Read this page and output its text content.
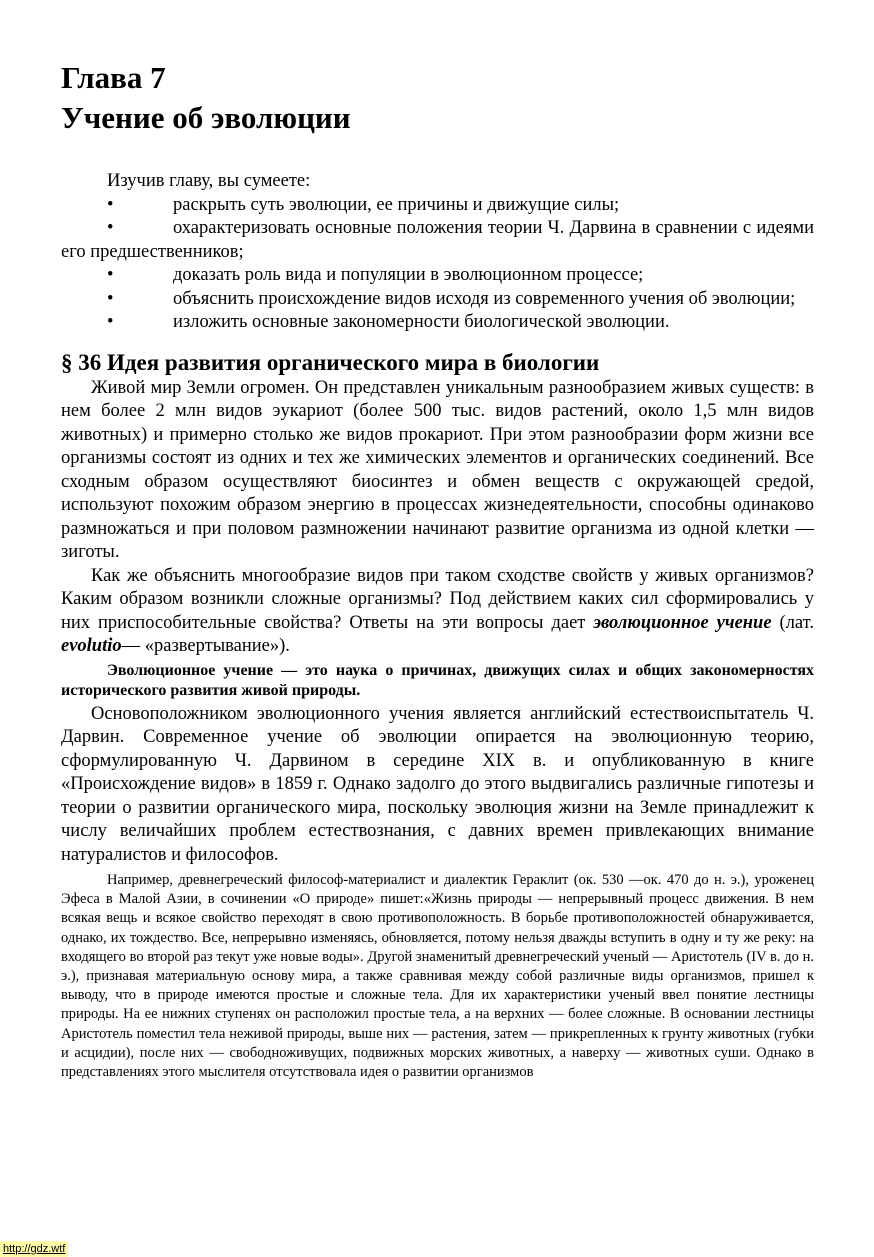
Глава 7
Учение об эволюции
Изучив главу, вы сумеете:
•	раскрыть суть эволюции, ее причины и движущие силы;
•	охарактеризовать основные положения теории Ч. Дарвина в сравнении с идеями его предшественников;
•	доказать роль вида и популяции в эволюционном процессе;
•	объяснить происхождение видов исходя из современного учения об эволюции;
•	изложить основные закономерности биологической эволюции.
§ 36 Идея развития органического мира в биологии

Живой мир Земли огромен. Он представлен уникальным разнообразием живых существ: в нем более 2 млн видов эукариот (более 500 тыс. видов растений, около 1,5 млн видов животных) и примерно столько же видов прокариот. При этом разнообразии форм жизни все организмы состоят из одних и тех же химических элементов и органических соединений. Все сходным образом осуществляют биосинтез и обмен веществ с окружающей средой, используют похожим образом энергию в процессах жизнедеятельности, способны одинаково размножаться и при половом размножении начинают развитие организма из одной клетки — зиготы.

Как же объяснить многообразие видов при таком сходстве свойств у живых организмов? Каким образом возникли сложные организмы? Под действием каких сил сформировались у них приспособительные свойства? Ответы на эти вопросы дает эволюционное учение (лат. evolutio— «развертывание»).

Эволюционное учение — это наука о причинах, движущих силах и общих закономерностях исторического развития живой природы.

Основоположником эволюционного учения является английский естествоиспытатель Ч. Дарвин. Современное учение об эволюции опирается на эволюционную теорию, сформулированную Ч. Дарвином в середине XIX в. и опубликованную в книге «Происхождение видов» в 1859 г. Однако задолго до этого выдвигались различные гипотезы и теории о развитии органического мира, поскольку эволюция жизни на Земле принадлежит к числу величайших проблем естествознания, с давних времен привлекающих внимание натуралистов и философов.

Например, древнегреческий философ-материалист и диалектик Гераклит (ок. 530 —ок. 470 до н. э.), уроженец Эфеса в Малой Азии, в сочинении «О природе» пишет:«Жизнь природы — непрерывный процесс движения. В нем всякая вещь и всякое свойство переходят в свою противоположность. В борьбе противоположностей обнаруживается, однако, их тождество. Все, непрерывно изменяясь, обновляется, потому нельзя дважды вступить в одну и ту же реку: на входящего во второй раз текут уже новые воды». Другой знаменитый древнегреческий ученый — Аристотель (IV в. до н. э.), признавая материальную основу мира, а также сравнивая между собой различные виды организмов, пришел к выводу, что в природе имеются простые и сложные тела. Для их характеристики ученый ввел понятие лестницы природы. На ее нижних ступенях он расположил простые тела, а на верхних — более сложные. В основании лестницы Аристотель поместил тела неживой природы, выше них — растения, затем — прикрепленных к грунту животных (губки и асцидии), после них — свободноживущих, подвижных морских животных, а наверху — животных суши. Однако в представлениях этого мыслителя отсутствовала идея о развитии организмов

http://gdz.wtf
